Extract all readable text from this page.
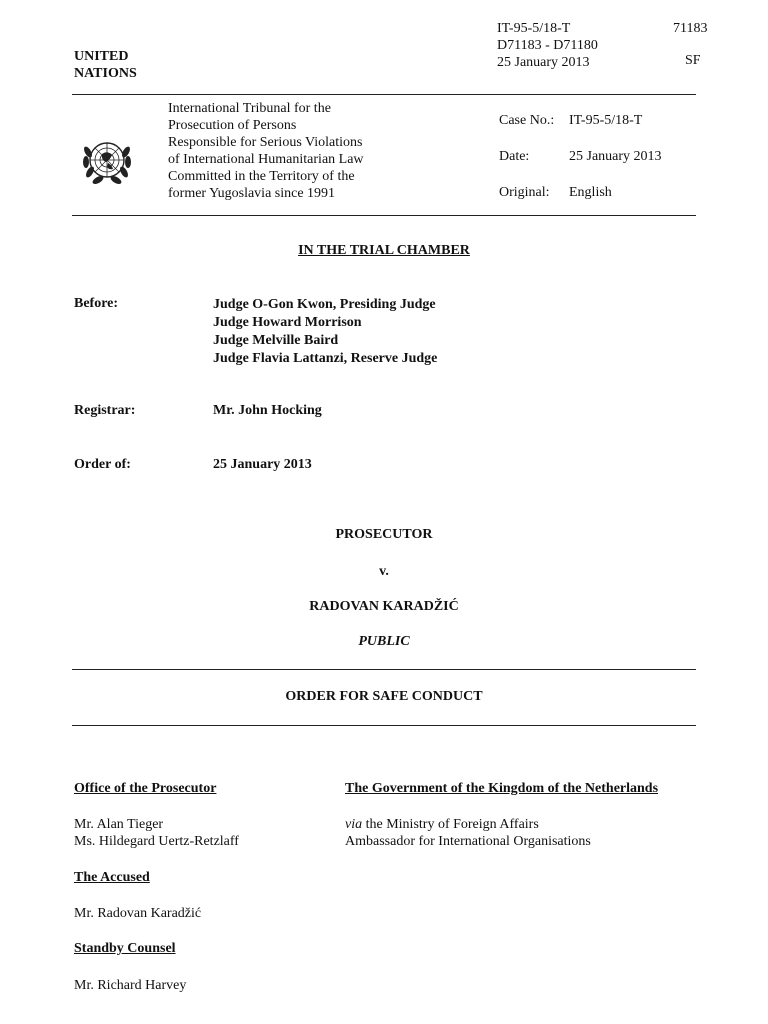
UNITED
NATIONS
IT-95-5/18-T
D71183 - D71180
25 January 2013
71183
SF
International Tribunal for the
Prosecution of Persons
Responsible for Serious Violations
of International Humanitarian Law
Committed in the Territory of the
former Yugoslavia since 1991
Case No.:	IT-95-5/18-T
Date:	25 January 2013
Original:	English
IN THE TRIAL CHAMBER
Before:	Judge O-Gon Kwon, Presiding Judge
Judge Howard Morrison
Judge Melville Baird
Judge Flavia Lattanzi, Reserve Judge
Registrar:	Mr. John Hocking
Order of:	25 January 2013
PROSECUTOR
v.
RADOVAN KARADŽIĆ
PUBLIC
ORDER FOR SAFE CONDUCT
Office of the Prosecutor
Mr. Alan Tieger
Ms. Hildegard Uertz-Retzlaff
The Accused
Mr. Radovan Karadžić
Standby Counsel
Mr. Richard Harvey
The Government of the Kingdom of the Netherlands
via the Ministry of Foreign Affairs
Ambassador for International Organisations
